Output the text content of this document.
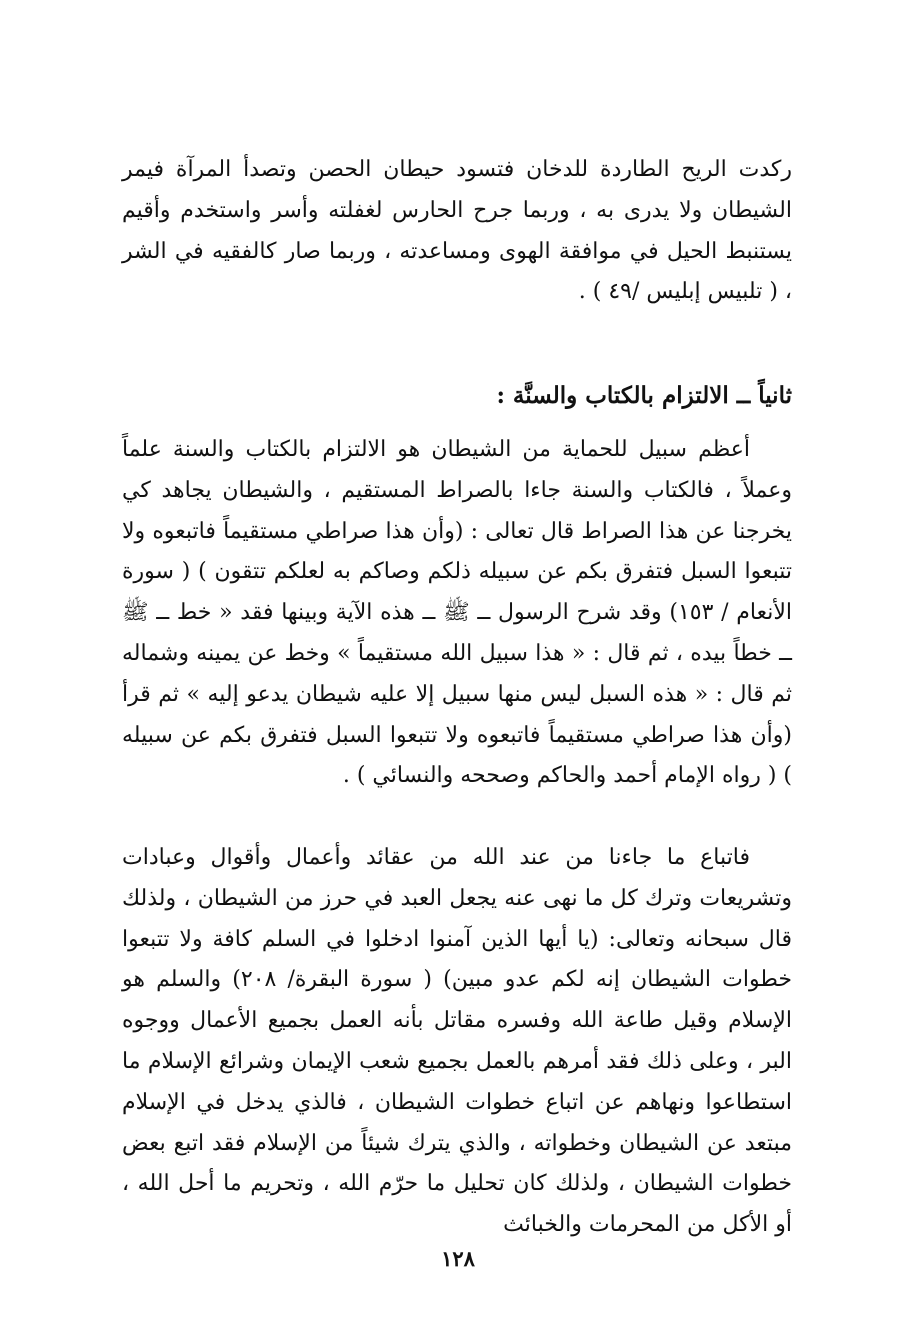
ركدت الريح الطاردة للدخان فتسود حيطان الحصن وتصدأ المرآة فيمر الشيطان ولا يدرى به ، وربما جرح الحارس لغفلته وأسر واستخدم وأقيم يستنبط الحيل في موافقة الهوى ومساعدته ، وربما صار كالفقيه في الشر ، ( تلبيس إبليس /٤٩ ) .

ثانياً ــ الالتزام بالكتاب والسنَّة :

أعظم سبيل للحماية من الشيطان هو الالتزام بالكتاب والسنة علماً وعملاً ، فالكتاب والسنة جاءا بالصراط المستقيم ، والشيطان يجاهد كي يخرجنا عن هذا الصراط قال تعالى : (وأن هذا صراطي مستقيماً فاتبعوه ولا تتبعوا السبل فتفرق بكم عن سبيله ذلكم وصاكم به لعلكم تتقون ) ( سورة الأنعام / ١٥٣) وقد شرح الرسول ــ ﷺ ــ هذه الآية وبينها فقد « خط ــ ﷺ ــ خطاً بيده ، ثم قال : « هذا سبيل الله مستقيماً » وخط عن يمينه وشماله ثم قال : « هذه السبل ليس منها سبيل إلا عليه شيطان يدعو إليه » ثم قرأ (وأن هذا صراطي مستقيماً فاتبعوه ولا تتبعوا السبل فتفرق بكم عن سبيله ) ( رواه الإمام أحمد والحاكم وصححه والنسائي ) .

فاتباع ما جاءنا من عند الله من عقائد وأعمال وأقوال وعبادات وتشريعات وترك كل ما نهى عنه يجعل العبد في حرز من الشيطان ، ولذلك قال سبحانه وتعالى: (يا أيها الذين آمنوا ادخلوا في السلم كافة ولا تتبعوا خطوات الشيطان إنه لكم عدو مبين) ( سورة البقرة/ ٢٠٨) والسلم هو الإسلام وقيل طاعة الله وفسره مقاتل بأنه العمل بجميع الأعمال ووجوه البر ، وعلى ذلك فقد أمرهم بالعمل بجميع شعب الإيمان وشرائع الإسلام ما استطاعوا ونهاهم عن اتباع خطوات الشيطان ، فالذي يدخل في الإسلام مبتعد عن الشيطان وخطواته ، والذي يترك شيئاً من الإسلام فقد اتبع بعض خطوات الشيطان ، ولذلك كان تحليل ما حرّم الله ، وتحريم ما أحل الله ، أو الأكل من المحرمات والخبائث

١٢٨
